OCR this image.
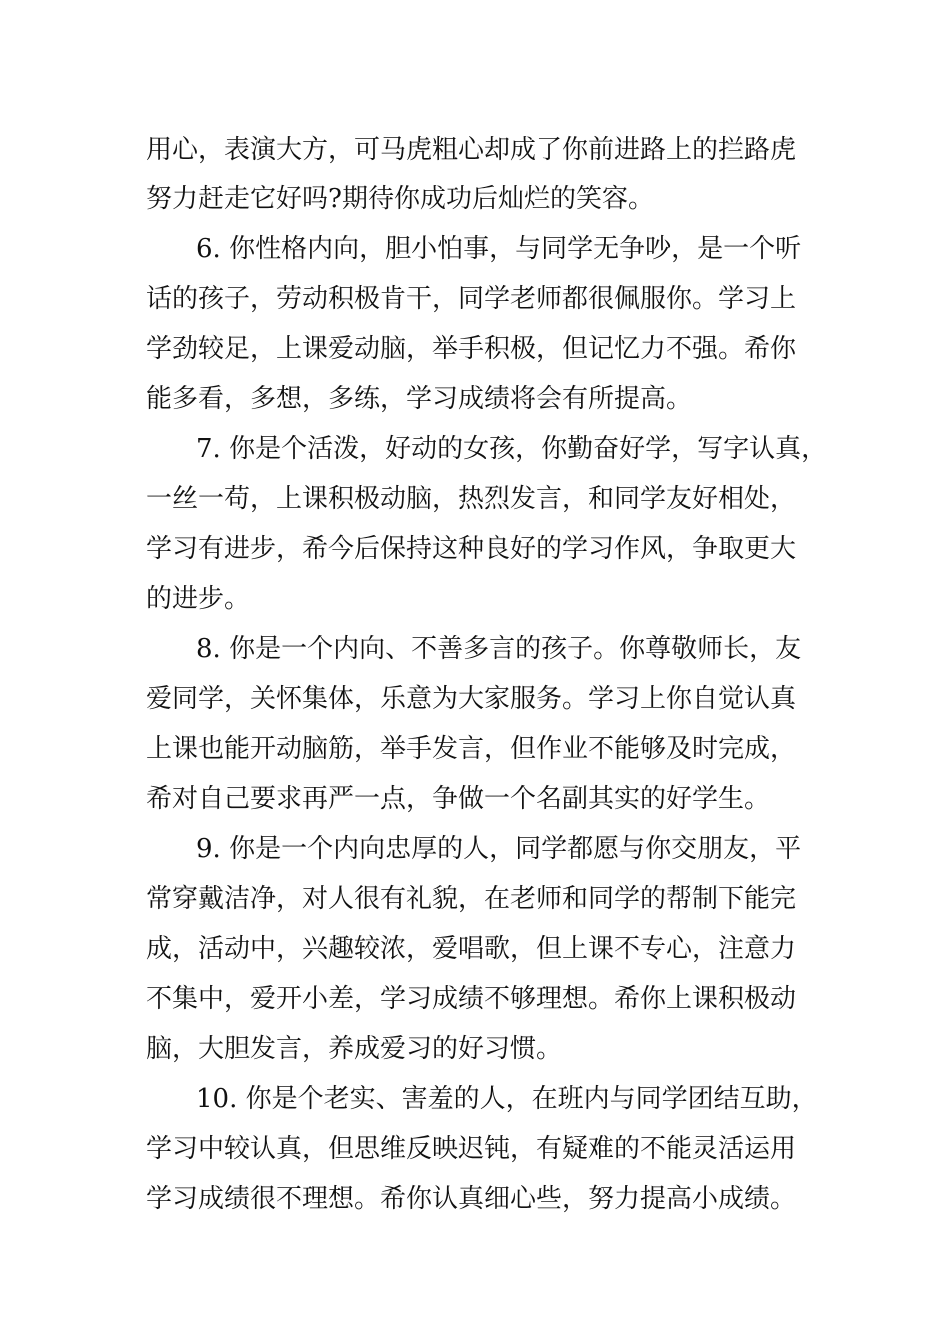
用心，表演大方，可马虎粗心却成了你前进路上的拦路虎
努力赶走它好吗?期待你成功后灿烂的笑容。
6. 你性格内向，胆小怕事，与同学无争吵，是一个听
话的孩子，劳动积极肯干，同学老师都很佩服你。学习上
学劲较足，上课爱动脑，举手积极，但记忆力不强。希你
能多看，多想，多练，学习成绩将会有所提高。
7. 你是个活泼，好动的女孩，你勤奋好学，写字认真，
一丝一苟，上课积极动脑，热烈发言，和同学友好相处，
学习有进步，希今后保持这种良好的学习作风，争取更大
的进步。
8. 你是一个内向、不善多言的孩子。你尊敬师长，友
爱同学，关怀集体，乐意为大家服务。学习上你自觉认真
上课也能开动脑筋，举手发言，但作业不能够及时完成，
希对自己要求再严一点，争做一个名副其实的好学生。
9. 你是一个内向忠厚的人，同学都愿与你交朋友，平
常穿戴洁净，对人很有礼貌，在老师和同学的帮制下能完
成，活动中，兴趣较浓，爱唱歌，但上课不专心，注意力
不集中，爱开小差，学习成绩不够理想。希你上课积极动
脑，大胆发言，养成爱习的好习惯。
10. 你是个老实、害羞的人，在班内与同学团结互助，
学习中较认真，但思维反映迟钝，有疑难的不能灵活运用
学习成绩很不理想。希你认真细心些，努力提高小成绩。
